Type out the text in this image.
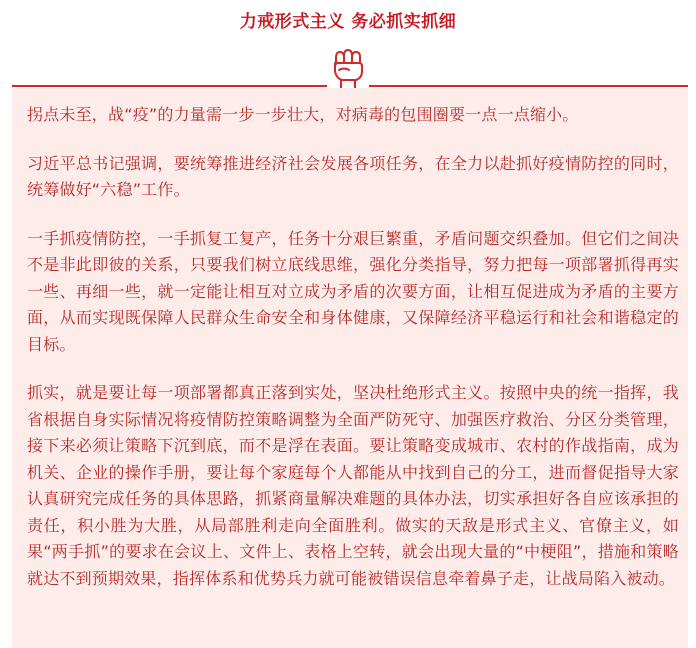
力戒形式主义 务必抓实抓细

拐点未至，战“疫”的力量需一步一步壮大，对病毒的包围圈要一点一点缩小。

习近平总书记强调，要统筹推进经济社会发展各项任务，在全力以赴抓好疫情防控的同时，统筹做好“六稳”工作。

一手抓疫情防控，一手抓复工复产，任务十分艰巨繁重，矛盾问题交织叠加。但它们之间决不是非此即彼的关系，只要我们树立底线思维，强化分类指导，努力把每一项部署抓得再实一些、再细一些，就一定能让相互对立成为矛盾的次要方面，让相互促进成为矛盾的主要方面，从而实现既保障人民群众生命安全和身体健康，又保障经济平稳运行和社会和谐稳定的目标。

抓实，就是要让每一项部署都真正落到实处，坚决杜绝形式主义。按照中央的统一指挥，我省根据自身实际情况将疫情防控策略调整为全面严防死守、加强医疗救治、分区分类管理，接下来必须让策略下沉到底，而不是浮在表面。要让策略变成城市、农村的作战指南，成为机关、企业的操作手册，要让每个家庭每个人都能从中找到自己的分工，进而督促指导大家认真研究完成任务的具体思路，抓紧商量解决难题的具体办法，切实承担好各自应该承担的责任，积小胜为大胜，从局部胜利走向全面胜利。做实的天敌是形式主义、官僚主义，如果“两手抓”的要求在会议上、文件上、表格上空转，就会出现大量的“中梗阻”，措施和策略就达不到预期效果，指挥体系和优势兵力就可能被错误信息牵着鼻子走，让战局陷入被动。
